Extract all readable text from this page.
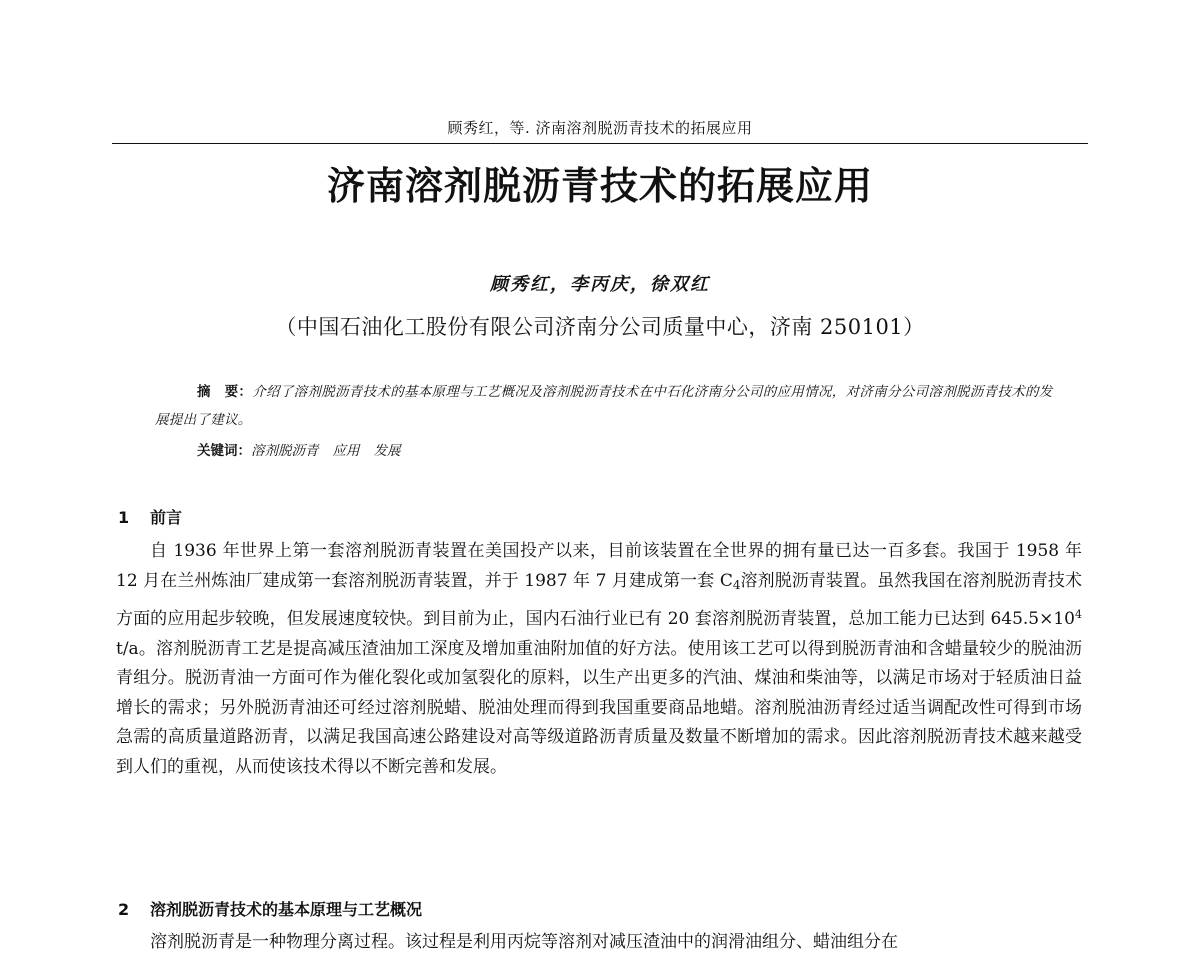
顾秀红，等. 济南溶剂脱沥青技术的拓展应用
济南溶剂脱沥青技术的拓展应用
顾秀红，李丙庆，徐双红
（中国石油化工股份有限公司济南分公司质量中心，济南 250101）
摘　要：介绍了溶剂脱沥青技术的基本原理与工艺概况及溶剂脱沥青技术在中石化济南分公司的应用情况，对济南分公司溶剂脱沥青技术的发展提出了建议。
关键词：溶剂脱沥青 应用 发展
1 前言

自 1936 年世界上第一套溶剂脱沥青装置在美国投产以来，目前该装置在全世界的拥有量已达一百多套。我国于 1958 年 12 月在兰州炼油厂建成第一套溶剂脱沥青装置，并于 1987 年 7 月建成第一套 $C_4$溶剂脱沥青装置。虽然我国在溶剂脱沥青技术方面的应用起步较晚，但发展速度较快。到目前为止，国内石油行业已有 20 套溶剂脱沥青装置，总加工能力已达到 $645.5\times 10^4$ t/a。溶剂脱沥青工艺是提高减压渣油加工深度及增加重油附加值的好方法。使用该工艺可以得到脱沥青油和含蜡量较少的脱油沥青组分。脱沥青油一方面可作为催化裂化或加氢裂化的原料，以生产出更多的汽油、煤油和柴油等，以满足市场对于轻质油日益增长的需求；另外脱沥青油还可经过溶剂脱蜡、脱油处理而得到我国重要商品地蜡。溶剂脱油沥青经过适当调配改性可得到市场急需的高质量道路沥青，以满足我国高速公路建设对高等级道路沥青质量及数量不断增加的需求。因此溶剂脱沥青技术越来越受到人们的重视，从而使该技术得以不断完善和发展。

2 溶剂脱沥青技术的基本原理与工艺概况

溶剂脱沥青是一种物理分离过程。该过程是利用丙烷等溶剂对减压渣油中的润滑油组分、蜡油组分在
